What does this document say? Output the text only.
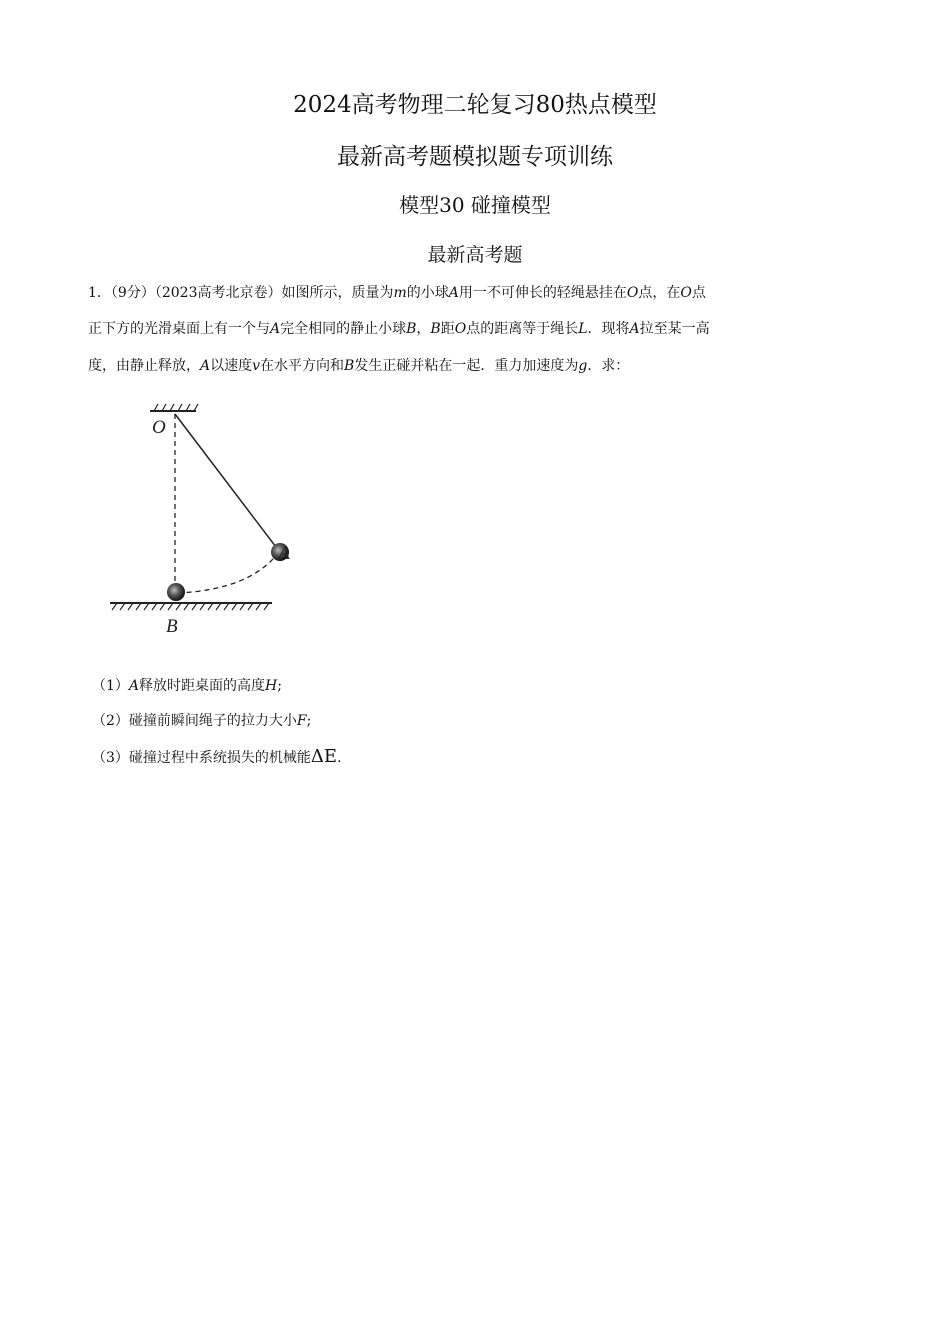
2024高考物理二轮复习80热点模型
最新高考题模拟题专项训练
模型30 碰撞模型
最新高考题
1．（9分）（2023高考北京卷）如图所示，质量为m的小球A用一不可伸长的轻绳悬挂在O点，在O点
正下方的光滑桌面上有一个与A完全相同的静止小球B，B距O点的距离等于绳长L．现将A拉至某一高
度，由静止释放，A以速度v在水平方向和B发生正碰并粘在一起．重力加速度为g．求：
O
A
B
（1）A释放时距桌面的高度H;
（2）碰撞前瞬间绳子的拉力大小F;
（3）碰撞过程中系统损失的机械能ΔE.
